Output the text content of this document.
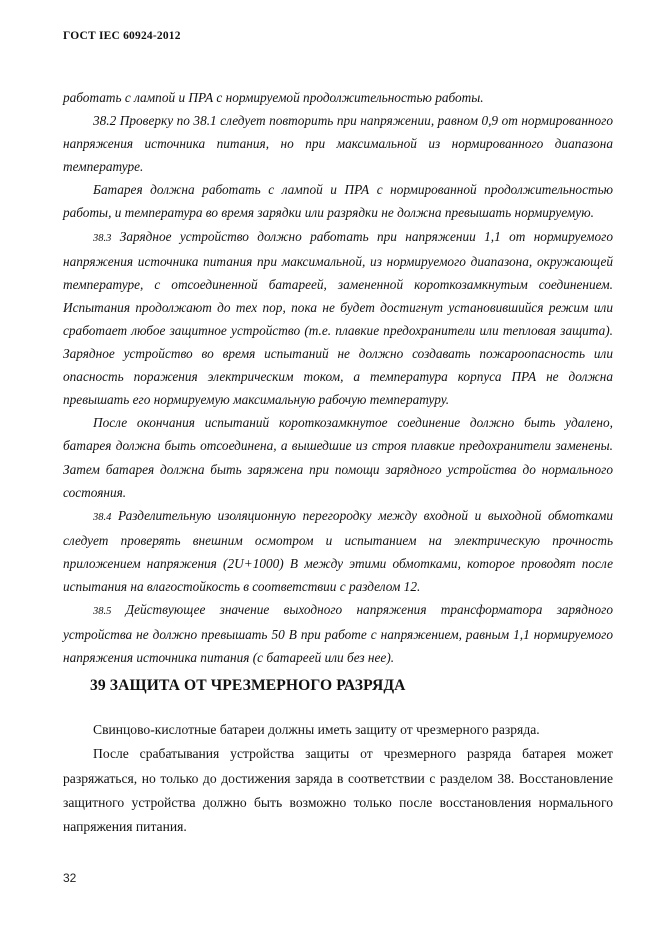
ГОСТ IEC 60924-2012

работать с лампой и ПРА с нормируемой продолжительностью работы.

38.2 Проверку по 38.1 следует повторить при напряжении, равном 0,9 от нормированного напряжения источника питания, но при максимальной из нормированного диапазона температуре.

Батарея должна работать с лампой и ПРА с нормированной продолжительностью работы, и температура во время зарядки или разрядки не должна превышать нормируемую.

38.3 Зарядное устройство должно работать при напряжении 1,1 от нормируемого напряжения источника питания при максимальной, из нормируемого диапазона, окружающей температуре, с отсоединенной батареей, замененной короткозамкнутым соединением. Испытания продолжают до тех пор, пока не будет достигнут установившийся режим или сработает любое защитное устройство (т.е. плавкие предохранители или тепловая защита). Зарядное устройство во время испытаний не должно создавать пожароопасность или опасность поражения электрическим током, а температура корпуса ПРА не должна превышать его нормируемую максимальную рабочую температуру.

После окончания испытаний короткозамкнутое соединение должно быть удалено, батарея должна быть отсоединена, а вышедшие из строя плавкие предохранители заменены. Затем батарея должна быть заряжена при помощи зарядного устройства до нормального состояния.

38.4 Разделительную изоляционную перегородку между входной и выходной обмотками следует проверять внешним осмотром и испытанием на электрическую прочность приложением напряжения (2U+1000) В между этими обмотками, которое проводят после испытания на влагостойкость в соответствии с разделом 12.

38.5 Действующее значение выходного напряжения трансформатора зарядного устройства не должно превышать 50 В при работе с напряжением, равным 1,1 нормируемого напряжения источника питания (с батареей или без нее).

39 ЗАЩИТА ОТ ЧРЕЗМЕРНОГО РАЗРЯДА

Свинцово-кислотные батареи должны иметь защиту от чрезмерного разряда.

После срабатывания устройства защиты от чрезмерного разряда батарея может разряжаться, но только до достижения заряда в соответствии с разделом 38. Восстановление защитного устройства должно быть возможно только после восстановления нормального напряжения питания.

32
